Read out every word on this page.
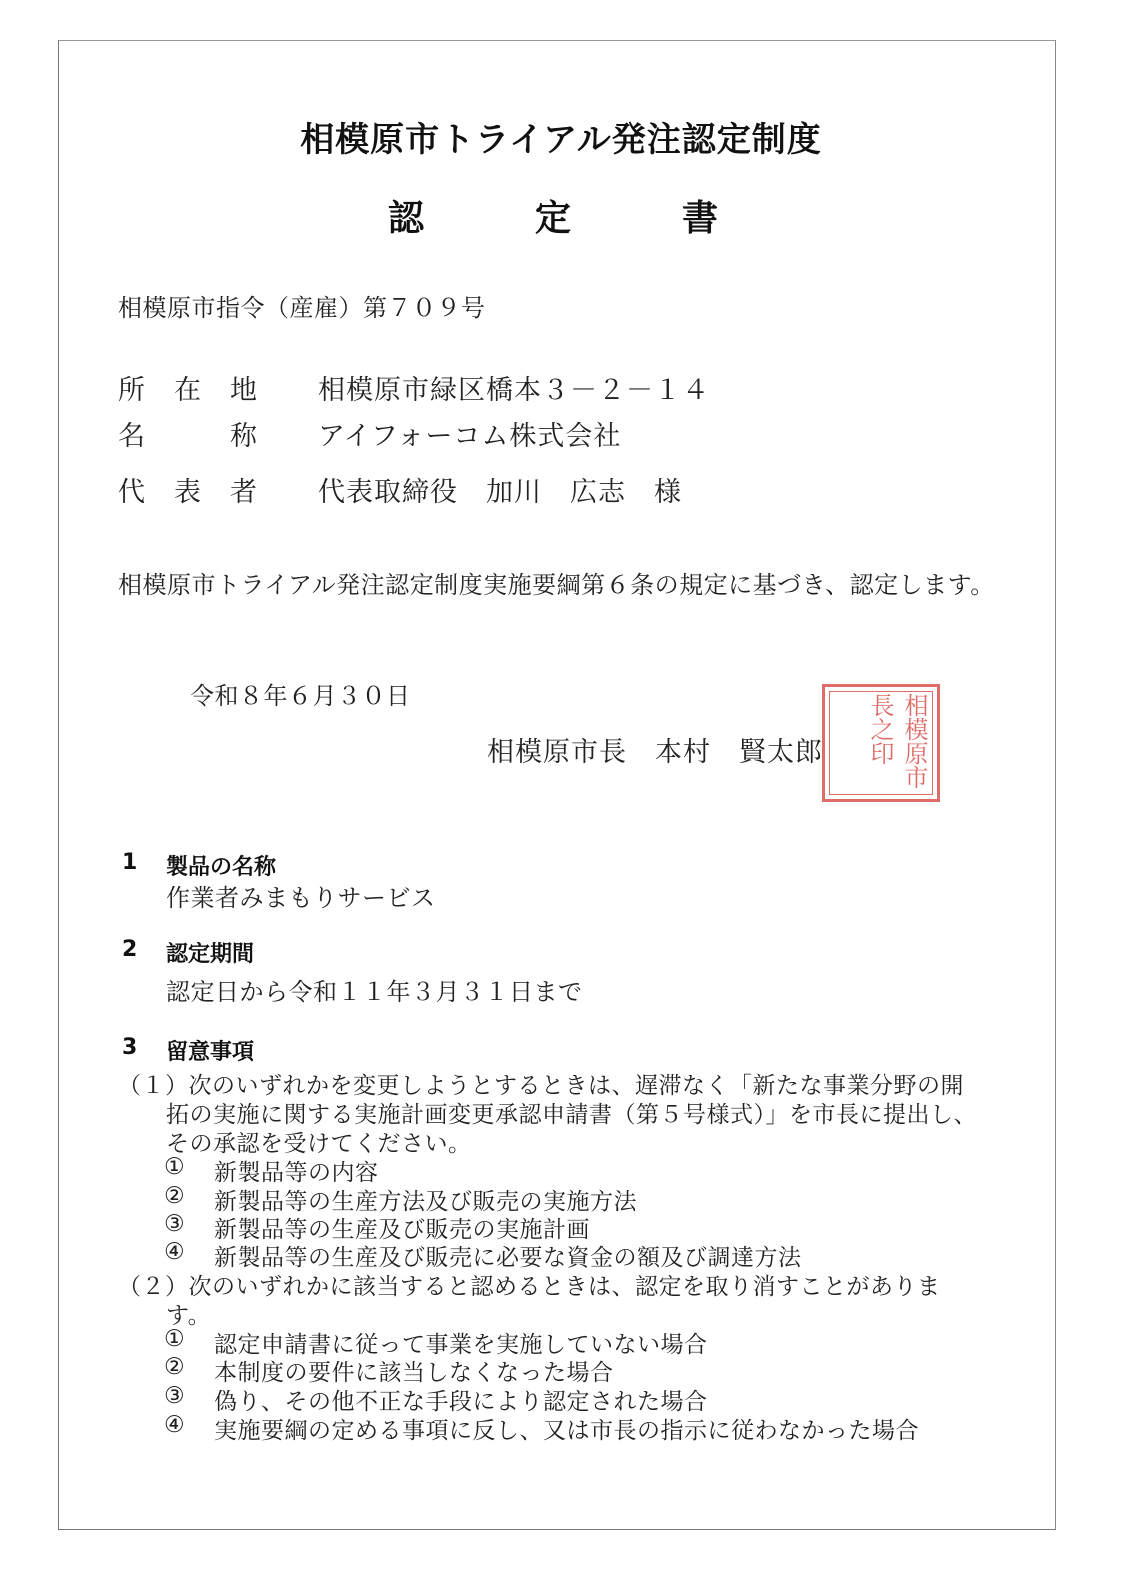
相模原市トライアル発注認定制度
認	定	書
相模原市指令（産雇）第７０９号
所　在　地 相模原市緑区橋本３－２－１４
名　　　称 アイフォーコム株式会社
代　表　者 代表取締役　加川　広志　様
相模原市トライアル発注認定制度実施要綱第６条の規定に基づき、認定します。
令和８年６月３０日
相模原市長　本村　賢太郎	相模原市長之印
1 製品の名称
作業者みまもりサービス
2 認定期間
認定日から令和１１年３月３１日まで
3 留意事項
（１）次のいずれかを変更しようとするときは、遅滞なく「新たな事業分野の開
拓の実施に関する実施計画変更承認申請書（第５号様式）」を市長に提出し、
その承認を受けてください。
① 新製品等の内容
② 新製品等の生産方法及び販売の実施方法
③ 新製品等の生産及び販売の実施計画
④ 新製品等の生産及び販売に必要な資金の額及び調達方法
（２）次のいずれかに該当すると認めるときは、認定を取り消すことがありま
す。
① 認定申請書に従って事業を実施していない場合
② 本制度の要件に該当しなくなった場合
③ 偽り、その他不正な手段により認定された場合
④ 実施要綱の定める事項に反し、又は市長の指示に従わなかった場合
